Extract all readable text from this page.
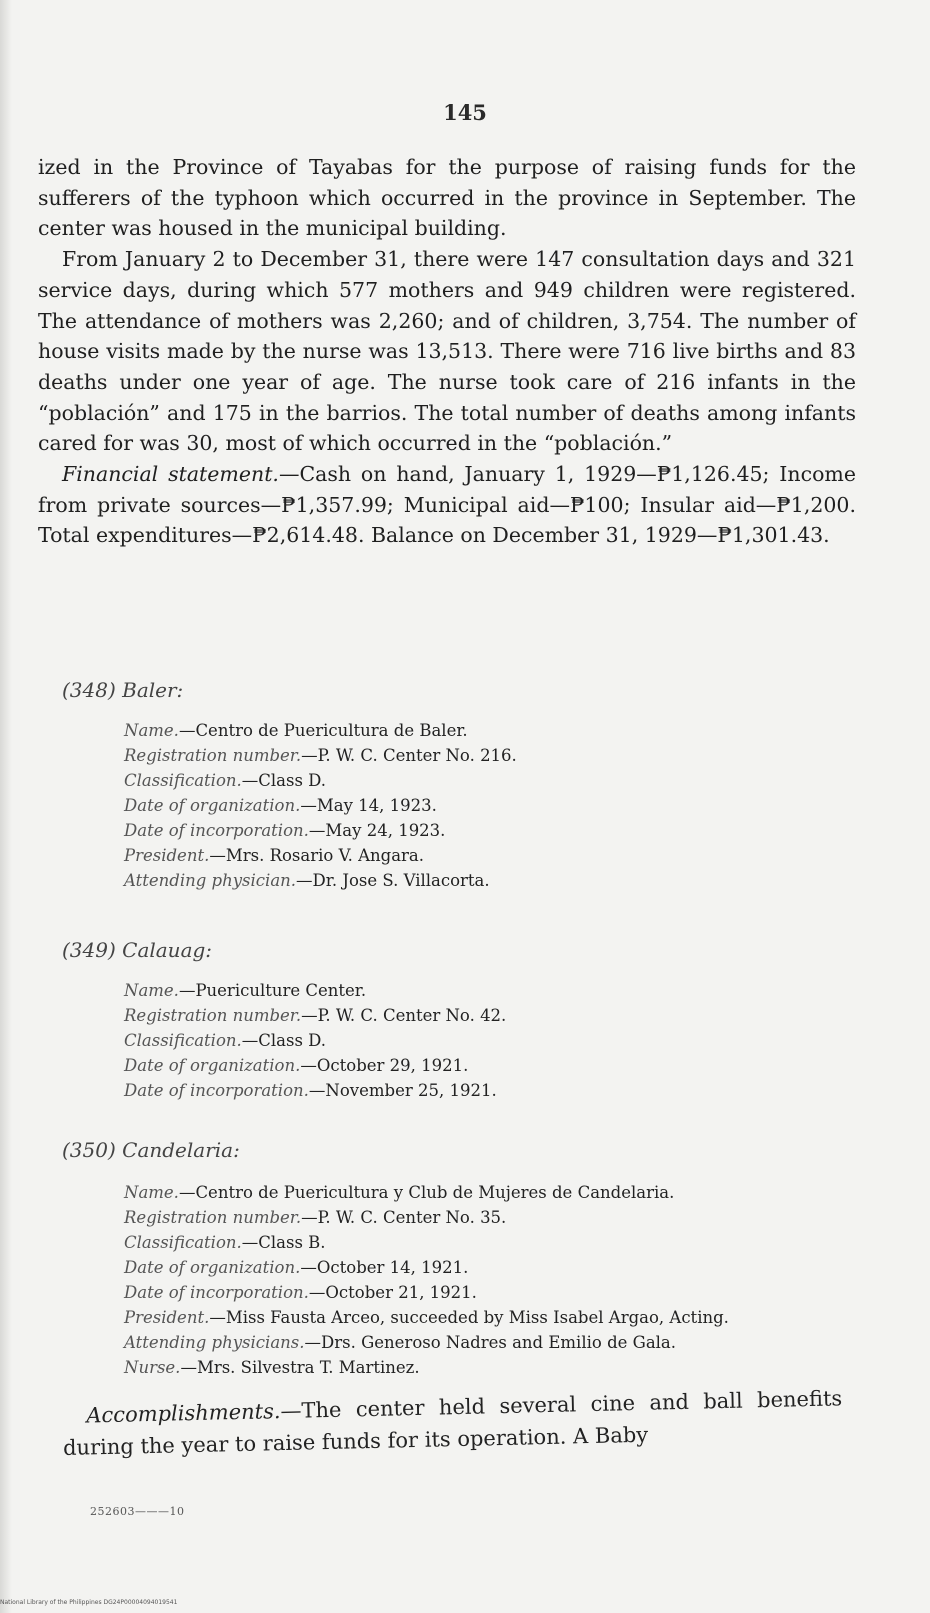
145

ized in the Province of Tayabas for the purpose of raising funds for the sufferers of the typhoon which occurred in the province in September. The center was housed in the municipal building.

From January 2 to December 31, there were 147 consultation days and 321 service days, during which 577 mothers and 949 children were registered. The attendance of mothers was 2,260; and of children, 3,754. The number of house visits made by the nurse was 13,513. There were 716 live births and 83 deaths under one year of age. The nurse took care of 216 infants in the “población” and 175 in the barrios. The total number of deaths among infants cared for was 30, most of which occurred in the “población.”

Financial statement.—Cash on hand, January 1, 1929—₱1,126.45; Income from private sources—₱1,357.99; Municipal aid—₱100; Insular aid—₱1,200. Total expenditures—₱2,614.48. Balance on December 31, 1929—₱1,301.43.

(348) Baler:
Name.—Centro de Puericultura de Baler.
Registration number.—P. W. C. Center No. 216.
Classification.—Class D.
Date of organization.—May 14, 1923.
Date of incorporation.—May 24, 1923.
President.—Mrs. Rosario V. Angara.
Attending physician.—Dr. Jose S. Villacorta.
(349) Calauag:
Name.—Puericulture Center.
Registration number.—P. W. C. Center No. 42.
Classification.—Class D.
Date of organization.—October 29, 1921.
Date of incorporation.—November 25, 1921.
(350) Candelaria:
Name.—Centro de Puericultura y Club de Mujeres de Candelaria.
Registration number.—P. W. C. Center No. 35.
Classification.—Class B.
Date of organization.—October 14, 1921.
Date of incorporation.—October 21, 1921.
President.—Miss Fausta Arceo, succeeded by Miss Isabel Argao, Acting.
Attending physicians.—Drs. Generoso Nadres and Emilio de Gala.
Nurse.—Mrs. Silvestra T. Martinez.

Accomplishments.—The center held several cine and ball benefits during the year to raise funds for its operation. A Baby

252603———10
National Library of the Philippines DG24P00004094019541
